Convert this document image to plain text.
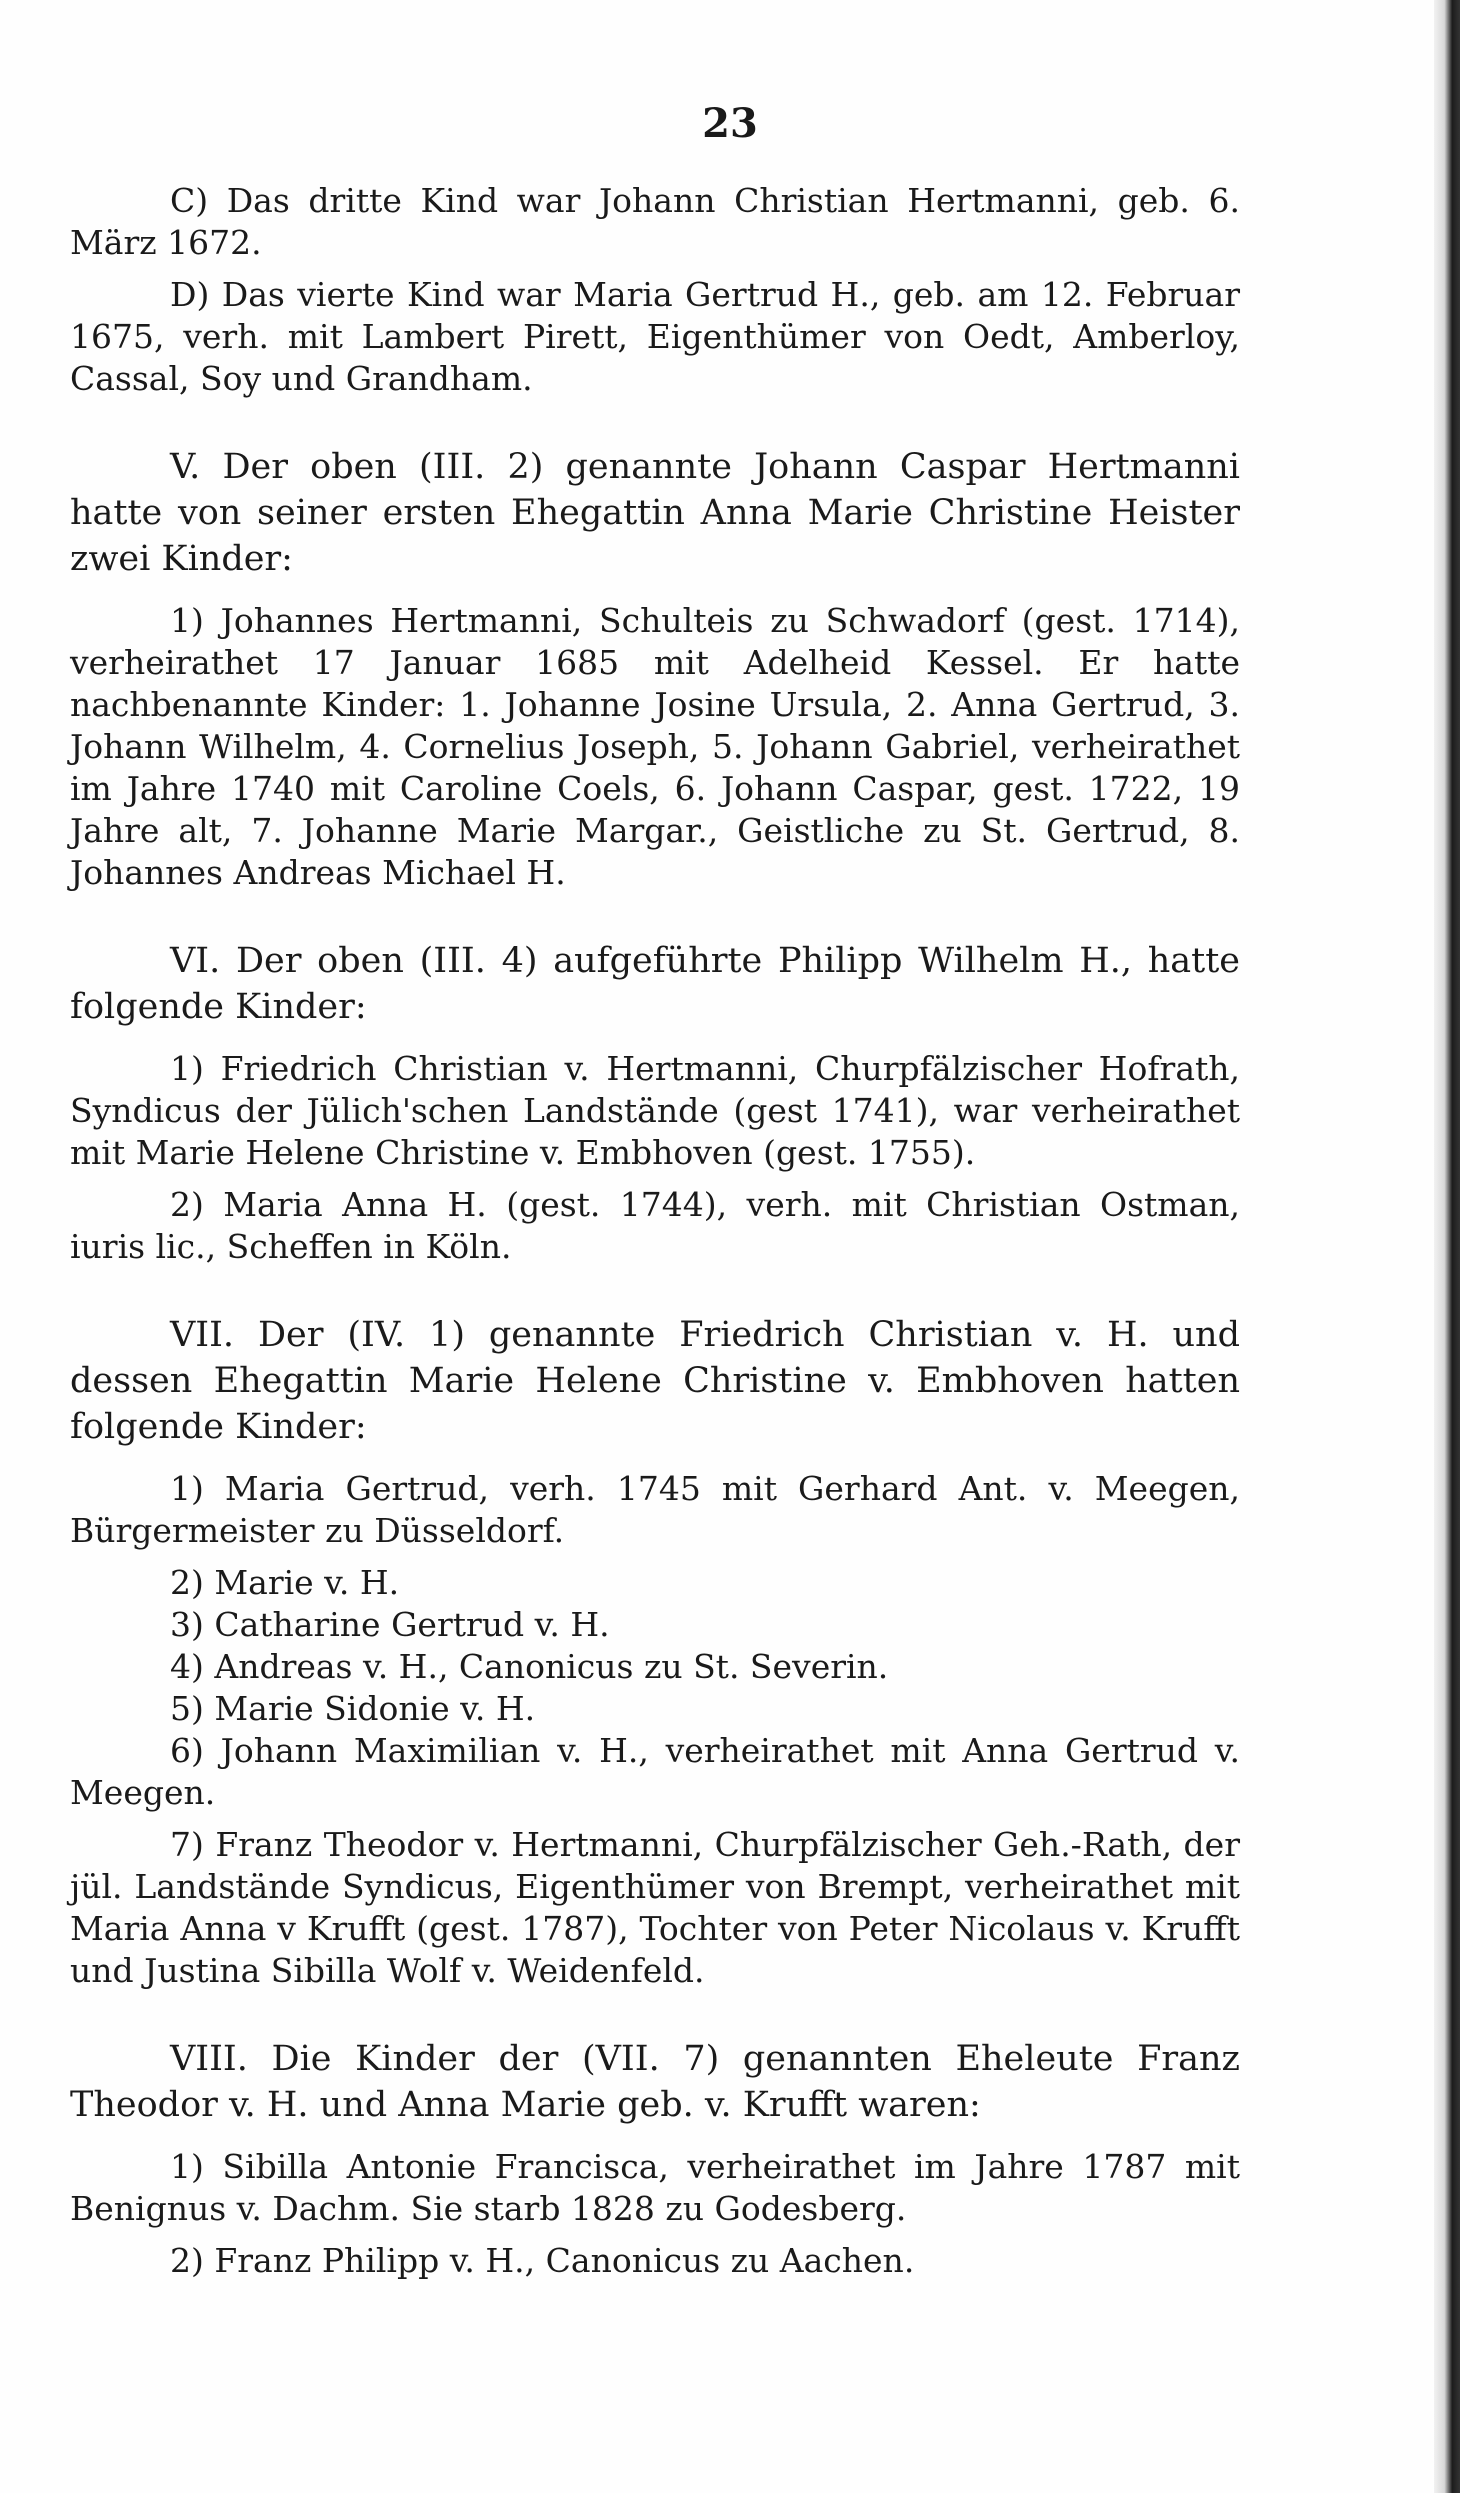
23

C) Das dritte Kind war Johann Christian Hertmanni, geb. 6. März 1672.

D) Das vierte Kind war Maria Gertrud H., geb. am 12. Februar 1675, verh. mit Lambert Pirett, Eigenthümer von Oedt, Amberloy, Cassal, Soy und Grandham.

V. Der oben (III. 2) genannte Johann Caspar Hertmanni hatte von seiner ersten Ehegattin Anna Marie Christine Heister zwei Kinder:

1) Johannes Hertmanni, Schulteis zu Schwadorf (gest. 1714), verheirathet 17 Januar 1685 mit Adelheid Kessel. Er hatte nachbenannte Kinder: 1. Johanne Josine Ursula, 2. Anna Gertrud, 3. Johann Wilhelm, 4. Cornelius Joseph, 5. Johann Gabriel, verheirathet im Jahre 1740 mit Caroline Coels, 6. Johann Caspar, gest. 1722, 19 Jahre alt, 7. Johanne Marie Margar., Geistliche zu St. Gertrud, 8. Johannes Andreas Michael H.

VI. Der oben (III. 4) aufgeführte Philipp Wilhelm H., hatte folgende Kinder:

1) Friedrich Christian v. Hertmanni, Churpfälzischer Hofrath, Syndicus der Jülich'schen Landstände (gest 1741), war verheirathet mit Marie Helene Christine v. Embhoven (gest. 1755).

2) Maria Anna H. (gest. 1744), verh. mit Christian Ostman, iuris lic., Scheffen in Köln.

VII. Der (IV. 1) genannte Friedrich Christian v. H. und dessen Ehegattin Marie Helene Christine v. Embhoven hatten folgende Kinder:

1) Maria Gertrud, verh. 1745 mit Gerhard Ant. v. Meegen, Bürgermeister zu Düsseldorf.

2) Marie v. H.

3) Catharine Gertrud v. H.

4) Andreas v. H., Canonicus zu St. Severin.

5) Marie Sidonie v. H.

6) Johann Maximilian v. H., verheirathet mit Anna Gertrud v. Meegen.

7) Franz Theodor v. Hertmanni, Churpfälzischer Geh.-Rath, der jül. Landstände Syndicus, Eigenthümer von Brempt, verheirathet mit Maria Anna v Krufft (gest. 1787), Tochter von Peter Nicolaus v. Krufft und Justina Sibilla Wolf v. Weidenfeld.

VIII. Die Kinder der (VII. 7) genannten Eheleute Franz Theodor v. H. und Anna Marie geb. v. Krufft waren:

1) Sibilla Antonie Francisca, verheirathet im Jahre 1787 mit Benignus v. Dachm. Sie starb 1828 zu Godesberg.

2) Franz Philipp v. H., Canonicus zu Aachen.
